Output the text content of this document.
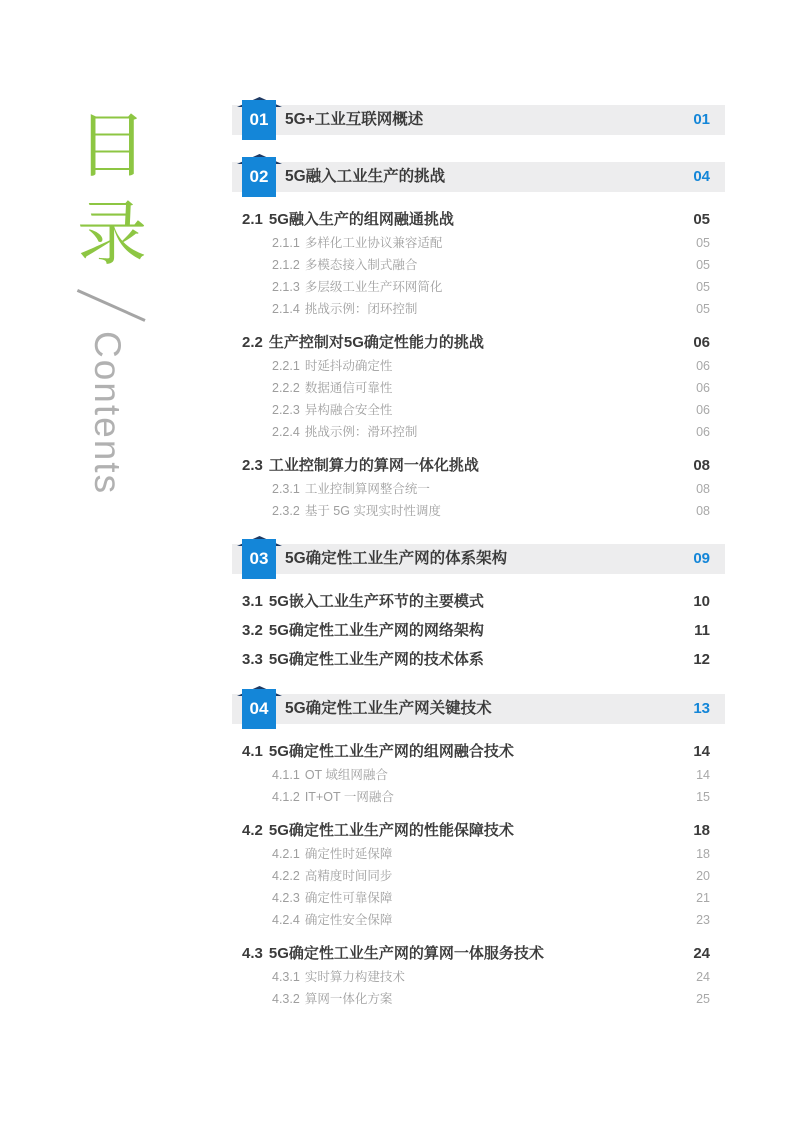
目
录
Contents
01	5G+工业互联网概述	01
02	5G融入工业生产的挑战	04
2.1 5G融入生产的组网融通挑战	05
2.1.1 多样化工业协议兼容适配	05
2.1.2 多模态接入制式融合	05
2.1.3 多层级工业生产环网简化	05
2.1.4 挑战示例：闭环控制	05
2.2 生产控制对5G确定性能力的挑战	06
2.2.1 时延抖动确定性	06
2.2.2 数据通信可靠性	06
2.2.3 异构融合安全性	06
2.2.4 挑战示例：滑环控制	06
2.3 工业控制算力的算网一体化挑战	08
2.3.1 工业控制算网整合统一	08
2.3.2 基于 5G 实现实时性调度	08
03	5G确定性工业生产网的体系架构	09
3.1 5G嵌入工业生产环节的主要模式	10
3.2 5G确定性工业生产网的网络架构	11
3.3 5G确定性工业生产网的技术体系	12
04	5G确定性工业生产网关键技术	13
4.1 5G确定性工业生产网的组网融合技术	14
4.1.1 OT 域组网融合	14
4.1.2 IT+OT 一网融合	15
4.2 5G确定性工业生产网的性能保障技术	18
4.2.1 确定性时延保障	18
4.2.2 高精度时间同步	20
4.2.3 确定性可靠保障	21
4.2.4 确定性安全保障	23
4.3 5G确定性工业生产网的算网一体服务技术	24
4.3.1 实时算力构建技术	24
4.3.2 算网一体化方案	25
